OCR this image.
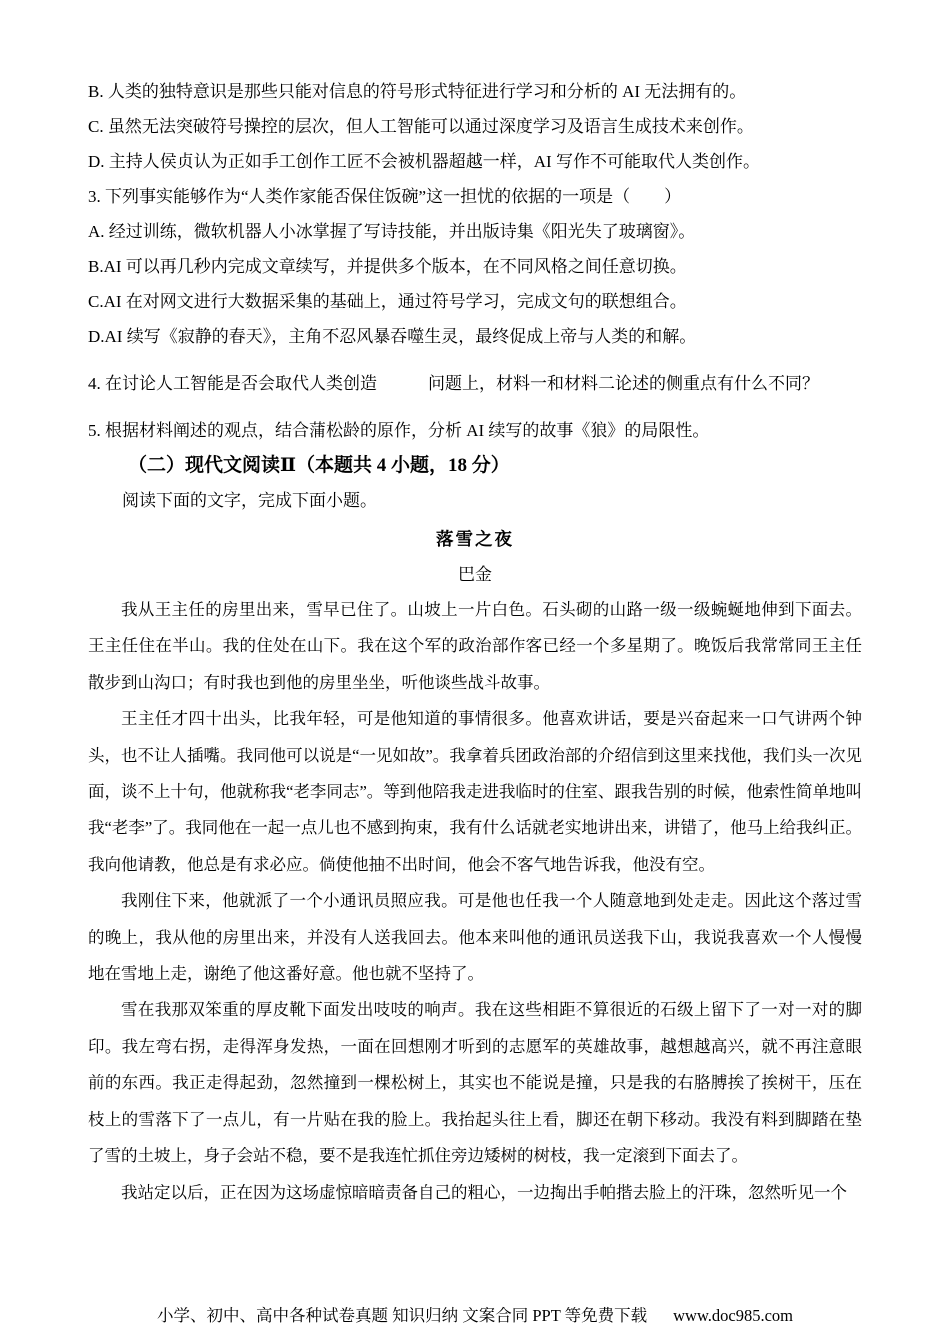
B. 人类的独特意识是那些只能对信息的符号形式特征进行学习和分析的 AI 无法拥有的。
C. 虽然无法突破符号操控的层次，但人工智能可以通过深度学习及语言生成技术来创作。
D. 主持人侯贞认为正如手工创作工匠不会被机器超越一样，AI 写作不可能取代人类创作。
3. 下列事实能够作为“人类作家能否保住饭碗”这一担忧的依据的一项是（　　）
A. 经过训练，微软机器人小冰掌握了写诗技能，并出版诗集《阳光失了玻璃窗》。
B.AI 可以再几秒内完成文章续写，并提供多个版本，在不同风格之间任意切换。
C.AI 在对网文进行大数据采集的基础上，通过符号学习，完成文句的联想组合。
D.AI 续写《寂静的春天》，主角不忍风暴吞噬生灵，最终促成上帝与人类的和解。
4. 在讨论人工智能是否会取代人类创造　　　问题上，材料一和材料二论述的侧重点有什么不同？
5. 根据材料阐述的观点，结合蒲松龄的原作，分析 AI 续写的故事《狼》的局限性。
（二）现代文阅读Ⅱ（本题共 4 小题，18 分）
阅读下面的文字，完成下面小题。
落雪之夜
巴金

我从王主任的房里出来，雪早已住了。山坡上一片白色。石头砌的山路一级一级蜿蜒地伸到下面去。王主任住在半山。我的住处在山下。我在这个军的政治部作客已经一个多星期了。晚饭后我常常同王主任散步到山沟口；有时我也到他的房里坐坐，听他谈些战斗故事。

王主任才四十出头，比我年轻，可是他知道的事情很多。他喜欢讲话，要是兴奋起来一口气讲两个钟头，也不让人插嘴。我同他可以说是“一见如故”。我拿着兵团政治部的介绍信到这里来找他，我们头一次见面，谈不上十句，他就称我“老李同志”。等到他陪我走进我临时的住室、跟我告别的时候，他索性简单地叫我“老李”了。我同他在一起一点儿也不感到拘束，我有什么话就老实地讲出来，讲错了，他马上给我纠正。我向他请教，他总是有求必应。倘使他抽不出时间，他会不客气地告诉我，他没有空。

我刚住下来，他就派了一个小通讯员照应我。可是他也任我一个人随意地到处走走。因此这个落过雪的晚上，我从他的房里出来，并没有人送我回去。他本来叫他的通讯员送我下山，我说我喜欢一个人慢慢地在雪地上走，谢绝了他这番好意。他也就不坚持了。

雪在我那双笨重的厚皮靴下面发出吱吱的响声。我在这些相距不算很近的石级上留下了一对一对的脚印。我左弯右拐，走得浑身发热，一面在回想刚才听到的志愿军的英雄故事，越想越高兴，就不再注意眼前的东西。我正走得起劲，忽然撞到一棵松树上，其实也不能说是撞，只是我的右胳膊挨了挨树干，压在枝上的雪落下了一点儿，有一片贴在我的脸上。我抬起头往上看，脚还在朝下移动。我没有料到脚踏在垫了雪的土坡上，身子会站不稳，要不是我连忙抓住旁边矮树的树枝，我一定滚到下面去了。

我站定以后，正在因为这场虚惊暗暗责备自己的粗心，一边掏出手帕揩去脸上的汗珠，忽然听见一个

小学、初中、高中各种试卷真题 知识归纳 文案合同 PPT 等免费下载 www.doc985.com
